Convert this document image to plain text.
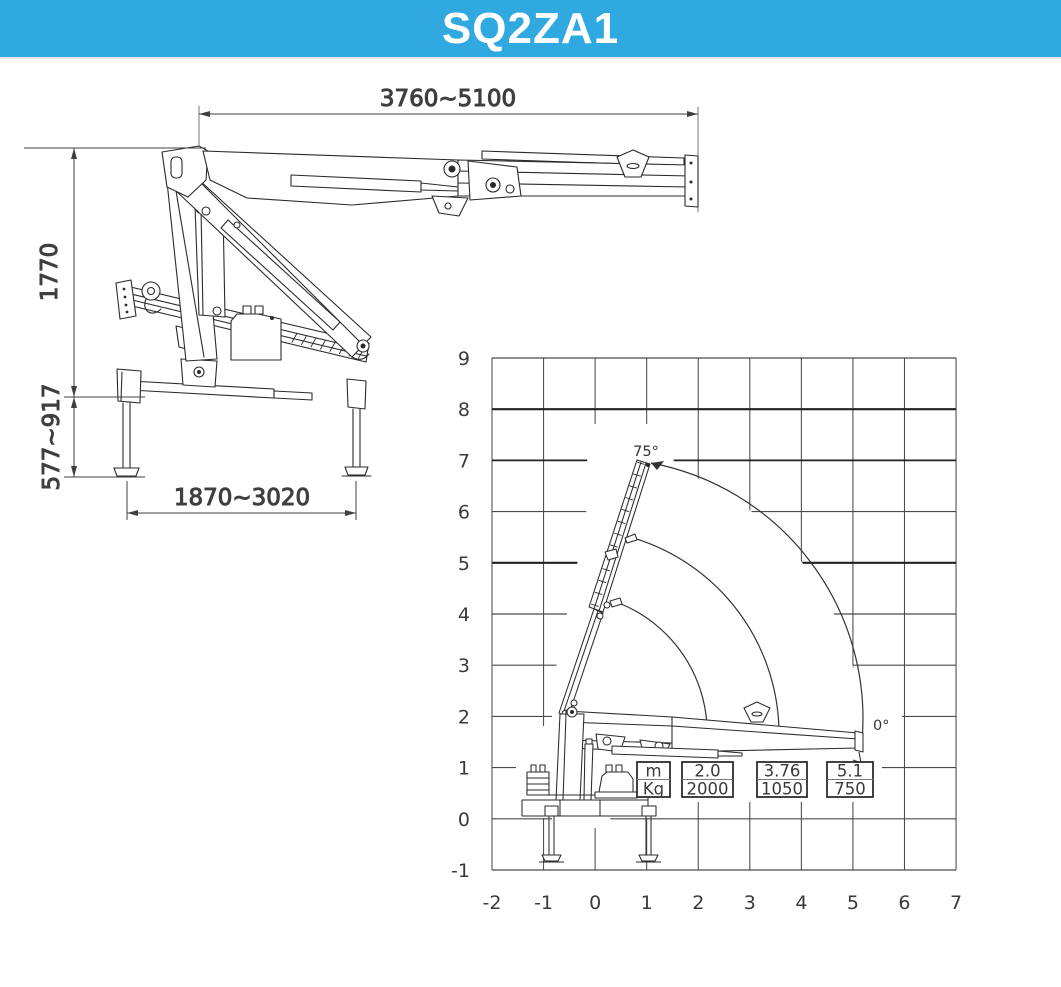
SQ2ZA1
3760~5100
1770
577~917
1870~3020
75°
0°
m
Kg
2.0
2000
3.76
1050
5.1
750
-2 -1 0 1 2 3 4 5 6 7
9
8
7
6
5
4
3
2
1
0
-1
